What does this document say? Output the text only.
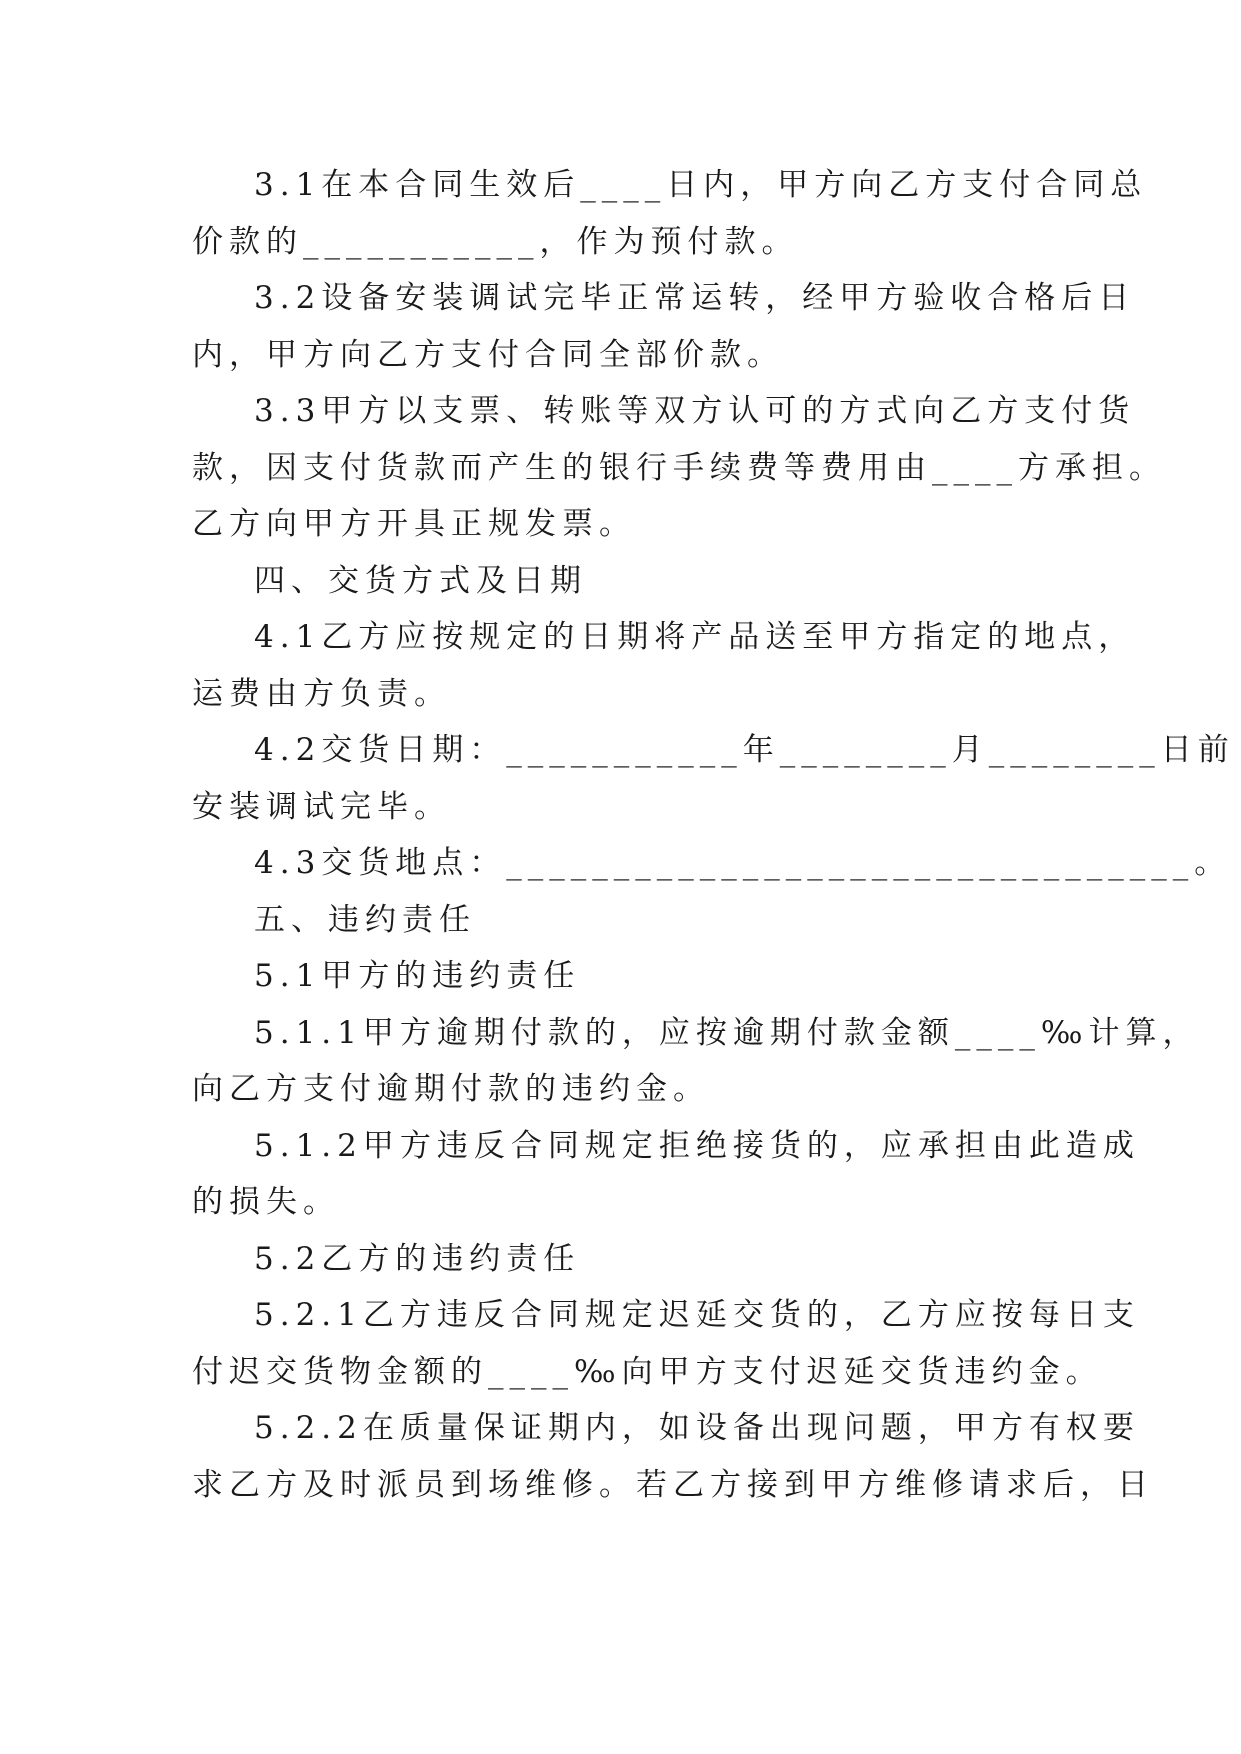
3.1在本合同生效后____日内，甲方向乙方支付合同总
价款的___________，作为预付款。
3.2设备安装调试完毕正常运转，经甲方验收合格后日
内，甲方向乙方支付合同全部价款。
3.3甲方以支票、转账等双方认可的方式向乙方支付货
款，因支付货款而产生的银行手续费等费用由____方承担。
乙方向甲方开具正规发票。
四、交货方式及日期
4.1乙方应按规定的日期将产品送至甲方指定的地点，
运费由方负责。
4.2交货日期：___________年________月________日前
安装调试完毕。
4.3交货地点：________________________________。
五、违约责任
5.1甲方的违约责任
5.1.1甲方逾期付款的，应按逾期付款金额____‰计算，
向乙方支付逾期付款的违约金。
5.1.2甲方违反合同规定拒绝接货的，应承担由此造成
的损失。
5.2乙方的违约责任
5.2.1乙方违反合同规定迟延交货的，乙方应按每日支
付迟交货物金额的____‰向甲方支付迟延交货违约金。
5.2.2在质量保证期内，如设备出现问题，甲方有权要
求乙方及时派员到场维修。若乙方接到甲方维修请求后，日
